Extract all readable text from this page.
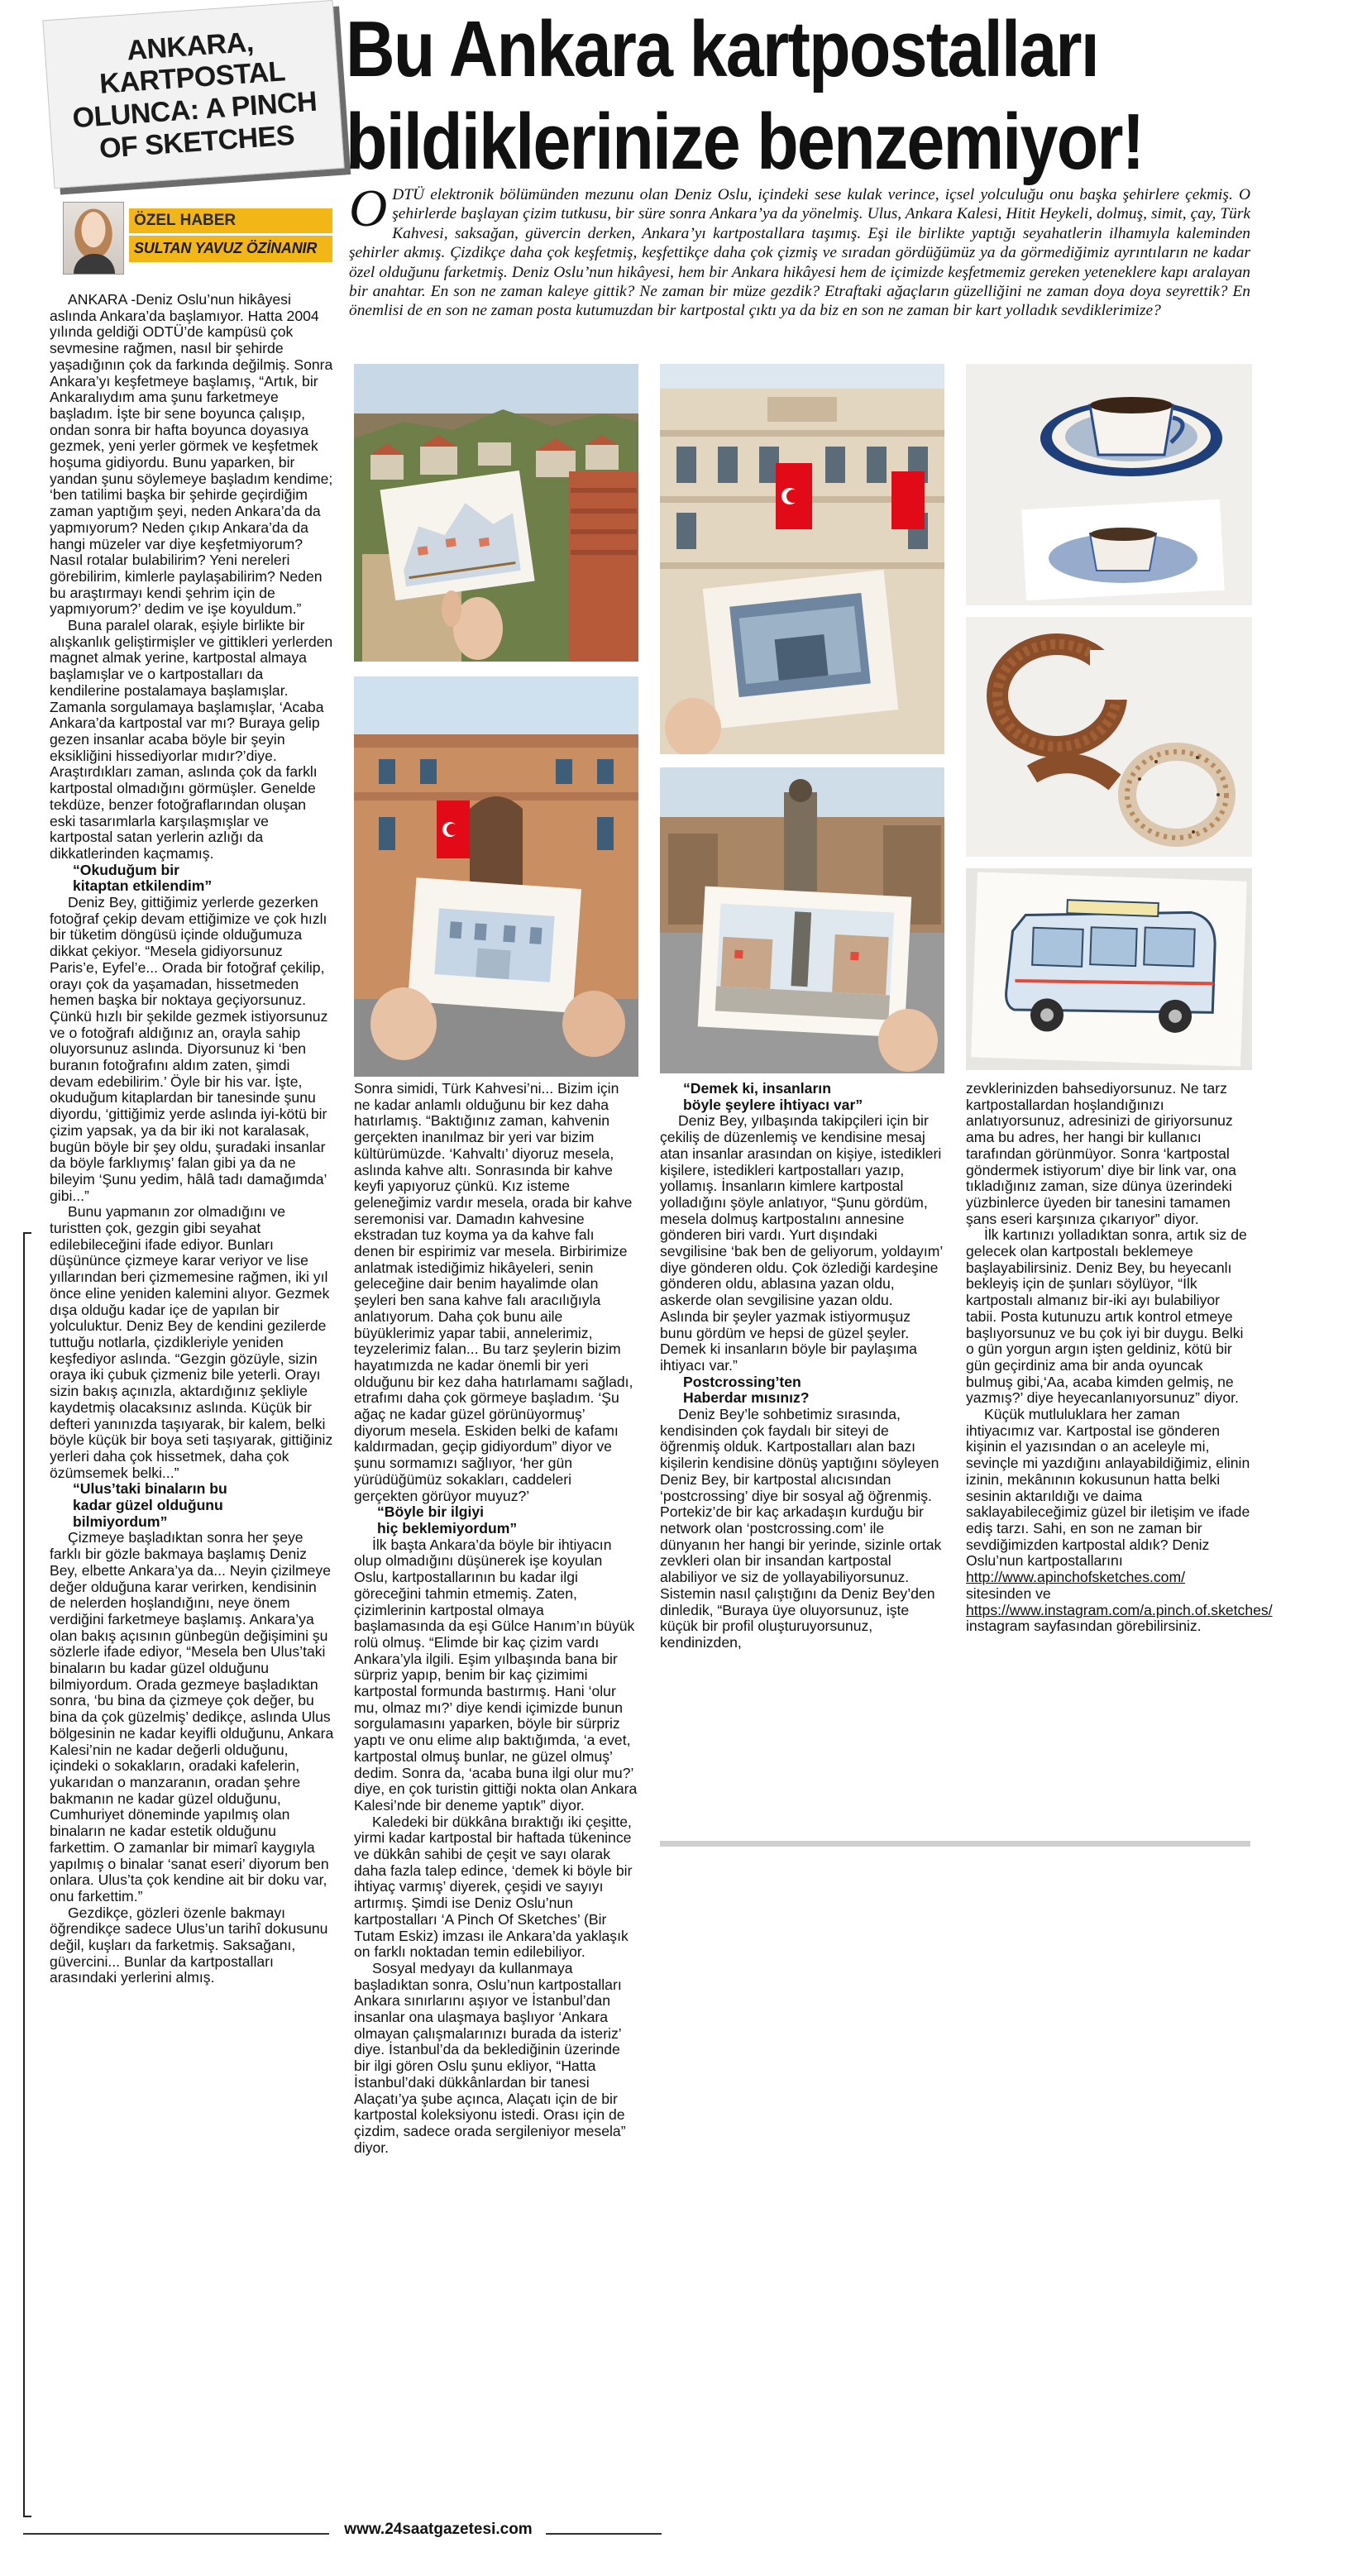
ANKARA,
KARTPOSTAL
OLUNCA: A PINCH
OF SKETCHES
Bu Ankara kartpostalları
bildiklerinize benzemiyor!
ODTÜ elektronik bölümünden mezunu olan Deniz Oslu, içindeki sese kulak verince, içsel yolculuğu onu başka şehirlere çekmiş. O şehirlerde başlayan çizim tutkusu, bir süre sonra Ankara’ya da yönelmiş. Ulus, Ankara Kalesi, Hitit Heykeli, dolmuş, simit, çay, Türk Kahvesi, saksağan, güvercin derken, Ankara’yı kartpostallara taşımış. Eşi ile birlikte yaptığı seyahatlerin ilhamıyla kaleminden şehirler akmış. Çizdikçe daha çok keşfetmiş, keşfettikçe daha çok çizmiş ve sıradan gördüğümüz ya da görmediğimiz ayrıntıların ne kadar özel olduğunu farketmiş. Deniz Oslu’nun hikâyesi, hem bir Ankara hikâyesi hem de içimizde keşfetmemiz gereken yeteneklere kapı aralayan bir anahtar. En son ne zaman kaleye gittik? Ne zaman bir müze gezdik? Etraftaki ağaçların güzelliğini ne zaman doya doya seyrettik? En önemlisi de en son ne zaman posta kutumuzdan bir kartpostal çıktı ya da biz en son ne zaman bir kart yolladık sevdiklerimize?
ÖZEL HABER
SULTAN YAVUZ ÖZİNANIR

ANKARA -Deniz Oslu’nun hikâyesi aslında Ankara’da başlamıyor. Hatta 2004 yılında geldiği ODTÜ’de kampüsü çok sevmesine rağmen, nasıl bir şehirde yaşadığının çok da farkında değilmiş. Sonra Ankara’yı keşfetmeye başlamış, “Artık, bir Ankaralıydım ama şunu farketmeye başladım. İşte bir sene boyunca çalışıp, ondan sonra bir hafta boyunca doyasıya gezmek, yeni yerler görmek ve keşfetmek hoşuma gidiyordu. Bunu yaparken, bir yandan şunu söylemeye başladım kendime; ‘ben tatilimi başka bir şehirde geçirdiğim zaman yaptığım şeyi, neden Ankara’da da yapmıyorum? Neden çıkıp Ankara’da da hangi müzeler var diye keşfetmiyorum? Nasıl rotalar bulabilirim? Yeni nereleri görebilirim, kimlerle paylaşabilirim? Neden bu araştırmayı kendi şehrim için de yapmıyorum?’ dedim ve işe koyuldum.”

Buna paralel olarak, eşiyle birlikte bir alışkanlık geliştirmişler ve gittikleri yerlerden magnet almak yerine, kartpostal almaya başlamışlar ve o kartpostalları da kendilerine postalamaya başlamışlar. Zamanla sorgulamaya başlamışlar, ‘Acaba Ankara’da kartpostal var mı? Buraya gelip gezen insanlar acaba böyle bir şeyin eksikliğini hissediyorlar mıdır?’diye. Araştırdıkları zaman, aslında çok da farklı kartpostal olmadığını görmüşler. Genelde tekdüze, benzer fotoğraflarından oluşan eski tasarımlarla karşılaşmışlar ve kartpostal satan yerlerin azlığı da dikkatlerinden kaçmamış.

“Okuduğum bir
kitaptan etkilendim”

Deniz Bey, gittiğimiz yerlerde gezerken fotoğraf çekip devam ettiğimize ve çok hızlı bir tüketim döngüsü içinde olduğumuza dikkat çekiyor. “Mesela gidiyorsunuz Paris’e, Eyfel’e... Orada bir fotoğraf çekilip, orayı çok da yaşamadan, hissetmeden hemen başka bir noktaya geçiyorsunuz. Çünkü hızlı bir şekilde gezmek istiyorsunuz ve o fotoğrafı aldığınız an, orayla sahip oluyorsunuz aslında. Diyorsunuz ki ‘ben buranın fotoğrafını aldım zaten, şimdi devam edebilirim.’ Öyle bir his var. İşte, okuduğum kitaplardan bir tanesinde şunu diyordu, ‘gittiğimiz yerde aslında iyi-kötü bir çizim yapsak, ya da bir iki not karalasak, bugün böyle bir şey oldu, şuradaki insanlar da böyle farklıymış’ falan gibi ya da ne bileyim ‘Şunu yedim, hâlâ tadı damağımda’ gibi...”

Bunu yapmanın zor olmadığını ve turistten çok, gezgin gibi seyahat edilebileceğini ifade ediyor. Bunları düşününce çizmeye karar veriyor ve lise yıllarından beri çizmemesine rağmen, iki yıl önce eline yeniden kalemini alıyor. Gezmek dışa olduğu kadar içe de yapılan bir yolculuktur. Deniz Bey de kendini gezilerde tuttuğu notlarla, çizdikleriyle yeniden keşfediyor aslında. “Gezgin gözüyle, sizin oraya iki çubuk çizmeniz bile yeterli. Orayı sizin bakış açınızla, aktardığınız şekliyle kaydetmiş olacaksınız aslında. Küçük bir defteri yanınızda taşıyarak, bir kalem, belki böyle küçük bir boya seti taşıyarak, gittiğiniz yerleri daha çok hissetmek, daha çok özümsemek belki...”

“Ulus’taki binaların bu
kadar güzel olduğunu
bilmiyordum”

Çizmeye başladıktan sonra her şeye farklı bir gözle bakmaya başlamış Deniz Bey, elbette Ankara’ya da... Neyin çizilmeye değer olduğuna karar verirken, kendisinin de nelerden hoşlandığını, neye önem verdiğini farketmeye başlamış. Ankara’ya olan bakış açısının günbegün değişimini şu sözlerle ifade ediyor, “Mesela ben Ulus’taki binaların bu kadar güzel olduğunu bilmiyordum. Orada gezmeye başladıktan sonra, ‘bu bina da çizmeye çok değer, bu bina da çok güzelmiş’ dedikçe, aslında Ulus bölgesinin ne kadar keyifli olduğunu, Ankara Kalesi’nin ne kadar değerli olduğunu, içindeki o sokakların, oradaki kafelerin, yukarıdan o manzaranın, oradan şehre bakmanın ne kadar güzel olduğunu, Cumhuriyet döneminde yapılmış olan binaların ne kadar estetik olduğunu farkettim. O zamanlar bir mimarî kaygıyla yapılmış o binalar ‘sanat eseri’ diyorum ben onlara. Ulus’ta çok kendine ait bir doku var, onu farkettim.”

Gezdikçe, gözleri özenle bakmayı öğrendikçe sadece Ulus’un tarihî dokusunu değil, kuşları da farketmiş. Saksağanı, güvercini... Bunlar da kartpostalları arasındaki yerlerini almış.

Sonra simidi, Türk Kahvesi’ni... Bizim için ne kadar anlamlı olduğunu bir kez daha hatırlamış. “Baktığınız zaman, kahvenin gerçekten inanılmaz bir yeri var bizim kültürümüzde. ‘Kahvaltı’ diyoruz mesela, aslında kahve altı. Sonrasında bir kahve keyfi yapıyoruz çünkü. Kız isteme geleneğimiz vardır mesela, orada bir kahve seremonisi var. Damadın kahvesine ekstradan tuz koyma ya da kahve falı denen bir espirimiz var mesela. Birbirimize anlatmak istediğimiz hikâyeleri, senin geleceğine dair benim hayalimde olan şeyleri ben sana kahve falı aracılığıyla anlatıyorum. Daha çok bunu aile büyüklerimiz yapar tabii, annelerimiz, teyzelerimiz falan... Bu tarz şeylerin bizim hayatımızda ne kadar önemli bir yeri olduğunu bir kez daha hatırlamamı sağladı, etrafımı daha çok görmeye başladım. ‘Şu ağaç ne kadar güzel görünüyormuş’ diyorum mesela. Eskiden belki de kafamı kaldırmadan, geçip gidiyordum” diyor ve şunu sormamızı sağlıyor, ‘her gün yürüdüğümüz sokakları, caddeleri gerçekten görüyor muyuz?’

“Böyle bir ilgiyi
hiç beklemiyordum”

İlk başta Ankara’da böyle bir ihtiyacın olup olmadığını düşünerek işe koyulan Oslu, kartpostallarının bu kadar ilgi göreceğini tahmin etmemiş. Zaten, çizimlerinin kartpostal olmaya başlamasında da eşi Gülce Hanım’ın büyük rolü olmuş. “Elimde bir kaç çizim vardı Ankara’yla ilgili. Eşim yılbaşında bana bir sürpriz yapıp, benim bir kaç çizimimi kartpostal formunda bastırmış. Hani ‘olur mu, olmaz mı?’ diye kendi içimizde bunun sorgulamasını yaparken, böyle bir sürpriz yaptı ve onu elime alıp baktığımda, ‘a evet, kartpostal olmuş bunlar, ne güzel olmuş’ dedim. Sonra da, ‘acaba buna ilgi olur mu?’ diye, en çok turistin gittiği nokta olan Ankara Kalesi’nde bir deneme yaptık” diyor.

Kaledeki bir dükkâna bıraktığı iki çeşitte, yirmi kadar kartpostal bir haftada tükenince ve dükkân sahibi de çeşit ve sayı olarak daha fazla talep edince, ‘demek ki böyle bir ihtiyaç varmış’ diyerek, çeşidi ve sayıyı artırmış. Şimdi ise Deniz Oslu’nun kartpostalları ‘A Pinch Of Sketches’ (Bir Tutam Eskiz) imzası ile Ankara’da yaklaşık on farklı noktadan temin edilebiliyor.

Sosyal medyayı da kullanmaya başladıktan sonra, Oslu’nun kartpostalları Ankara sınırlarını aşıyor ve İstanbul’dan insanlar ona ulaşmaya başlıyor ‘Ankara olmayan çalışmalarınızı burada da isteriz’ diye. İstanbul’da da beklediğinin üzerinde bir ilgi gören Oslu şunu ekliyor, “Hatta İstanbul’daki dükkânlardan bir tanesi Alaçatı’ya şube açınca, Alaçatı için de bir kartpostal koleksiyonu istedi. Orası için de çizdim, sadece orada sergileniyor mesela” diyor.

“Demek ki, insanların
böyle şeylere ihtiyacı var”

Deniz Bey, yılbaşında takipçileri için bir çekiliş de düzenlemiş ve kendisine mesaj atan insanlar arasından on kişiye, istedikleri kişilere, istedikleri kartpostalları yazıp, yollamış. İnsanların kimlere kartpostal yolladığını şöyle anlatıyor, “Şunu gördüm, mesela dolmuş kartpostalını annesine gönderen biri vardı. Yurt dışındaki sevgilisine ‘bak ben de geliyorum, yoldayım’ diye gönderen oldu. Çok özlediği kardeşine gönderen oldu, ablasına yazan oldu, askerde olan sevgilisine yazan oldu. Aslında bir şeyler yazmak istiyormuşuz bunu gördüm ve hepsi de güzel şeyler. Demek ki insanların böyle bir paylaşıma ihtiyacı var.”

Postcrossing’ten
Haberdar mısınız?

Deniz Bey’le sohbetimiz sırasında, kendisinden çok faydalı bir siteyi de öğrenmiş olduk. Kartpostalları alan bazı kişilerin kendisine dönüş yaptığını söyleyen Deniz Bey, bir kartpostal alıcısından ‘postcrossing’ diye bir sosyal ağ öğrenmiş. Portekiz’de bir kaç arkadaşın kurduğu bir network olan ‘postcrossing.com’ ile dünyanın her hangi bir yerinde, sizinle ortak zevkleri olan bir insandan kartpostal alabiliyor ve siz de yollayabiliyorsunuz. Sistemin nasıl çalıştığını da Deniz Bey’den dinledik, “Buraya üye oluyorsunuz, işte küçük bir profil oluşturuyorsunuz, kendinizden,

zevklerinizden bahsediyorsunuz. Ne tarz kartpostallardan hoşlandığınızı anlatıyorsunuz, adresinizi de giriyorsunuz ama bu adres, her hangi bir kullanıcı tarafından görünmüyor. Sonra ‘kartpostal göndermek istiyorum’ diye bir link var, ona tıkladığınız zaman, size dünya üzerindeki yüzbinlerce üyeden bir tanesini tamamen şans eseri karşınıza çıkarıyor” diyor.

İlk kartınızı yolladıktan sonra, artık siz de gelecek olan kartpostalı beklemeye başlayabilirsiniz. Deniz Bey, bu heyecanlı bekleyiş için de şunları söylüyor, “İlk kartpostalı almanız bir-iki ayı bulabiliyor tabii. Posta kutunuzu artık kontrol etmeye başlıyorsunuz ve bu çok iyi bir duygu. Belki o gün yorgun argın işten geldiniz, kötü bir gün geçirdiniz ama bir anda oyuncak bulmuş gibi,‘Aa, acaba kimden gelmiş, ne yazmış?’ diye heyecanlanıyorsunuz” diyor.

Küçük mutluluklara her zaman ihtiyacımız var. Kartpostal ise gönderen kişinin el yazısından o an aceleyle mi, sevinçle mi yazdığını anlayabildiğimiz, elinin izinin, mekânının kokusunun hatta belki sesinin aktarıldığı ve daima saklayabileceğimiz güzel bir iletişim ve ifade ediş tarzı. Sahi, en son ne zaman bir sevdiğimizden kartpostal aldık? Deniz Oslu’nun kartpostallarını http://www.apinchofsketches.com/ sitesinden ve https://www.instagram.com/a.pinch.of.sketches/ instagram sayfasından görebilirsiniz.

www.24saatgazetesi.com
